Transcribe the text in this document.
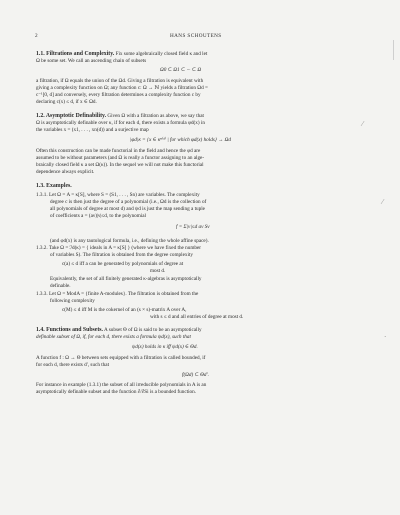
2	HANS SCHOUTENS
1.1. Filtrations and Complexity. Fix some algebraically closed field κ and let
Ω be some set. We call an ascending chain of subsets
Ω0 ⊂ Ω1 ⊂ ··· ⊂ Ω
a filtration, if Ω equals the union of the Ωd. Giving a filtration is equivalent with
giving a complexity function on Ω; any function c: Ω → ℕ yields a filtration Ωd =
c⁻¹[0, d] and conversely, every filtration determines a complexity function c by
declaring c(x) ≤ d, if x ∈ Ωd.
1.2. Asymptotic Definability. Given Ω with a filtration as above, we say that
Ω is asymptotically definable over κ, if for each d, there exists a formula φd(x) in
the variables x = (x1, . . . , xn(d)) and a surjective map
|φd|κ = {x ∈ κⁿ⁽ᵈ⁾ | for which φd(x) holds} → Ωd
Often this construction can be made functorial in the field and hence the φd are
assumed to be without parameters (and Ω is really a functor assigning to an alge-
braically closed field κ a set Ω(κ)). In the sequel we will not make this functorial
dependence always explicit.
1.3. Examples.
1.3.1. Let Ω = A = κ[S], where S = (S1, . . . , Sn) are variables. The complexity
degree c is then just the degree of a polynomial (i.e., Ωd is the collection of
all polynomials of degree at most d) and ψd is just the map sending a tuple
of coefficients a = (aν)|ν|≤d, to the polynomial
f = Σ|ν|≤d aν Sν
(and φd(x) is any tautological formula, i.e., defining the whole affine space).
1.3.2. Take Ω = ℐd(κ) = { ideals in A = κ[S] } (where we have fixed the number
of variables S). The filtration is obtained from the degree complexity
c(a) ≤ d iff a can be generated by polynomials of degree at
most d.
Equivalently, the set of all finitely generated κ-algebras is asymptotically
definable.
1.3.3. Let Ω = ModA = {finite A-modules}. The filtration is obtained from the
following complexity
c(M) ≤ d iff M is the cokernel of an (s × s)-matrix A over A,
with s ≤ d and all entries of degree at most d.
1.4. Functions and Subsets. A subset Θ of Ω is said to be an asymptotically
definable subset of Ω, if, for each d, there exists a formula ψd(x), such that
ψd(x) holds in κ iff ψd(x) ∈ Θd.
A function f : Ω → Θ between sets equipped with a filtration is called bounded, if
for each d, there exists d′, such that
f(Ωd) ⊂ Θd′.
For instance in example (1.3.1) the subset of all irreducible polynomials in A is an
asymptotically definable subset and the function ∂/∂Si is a bounded function.
⁄
⁄
·
